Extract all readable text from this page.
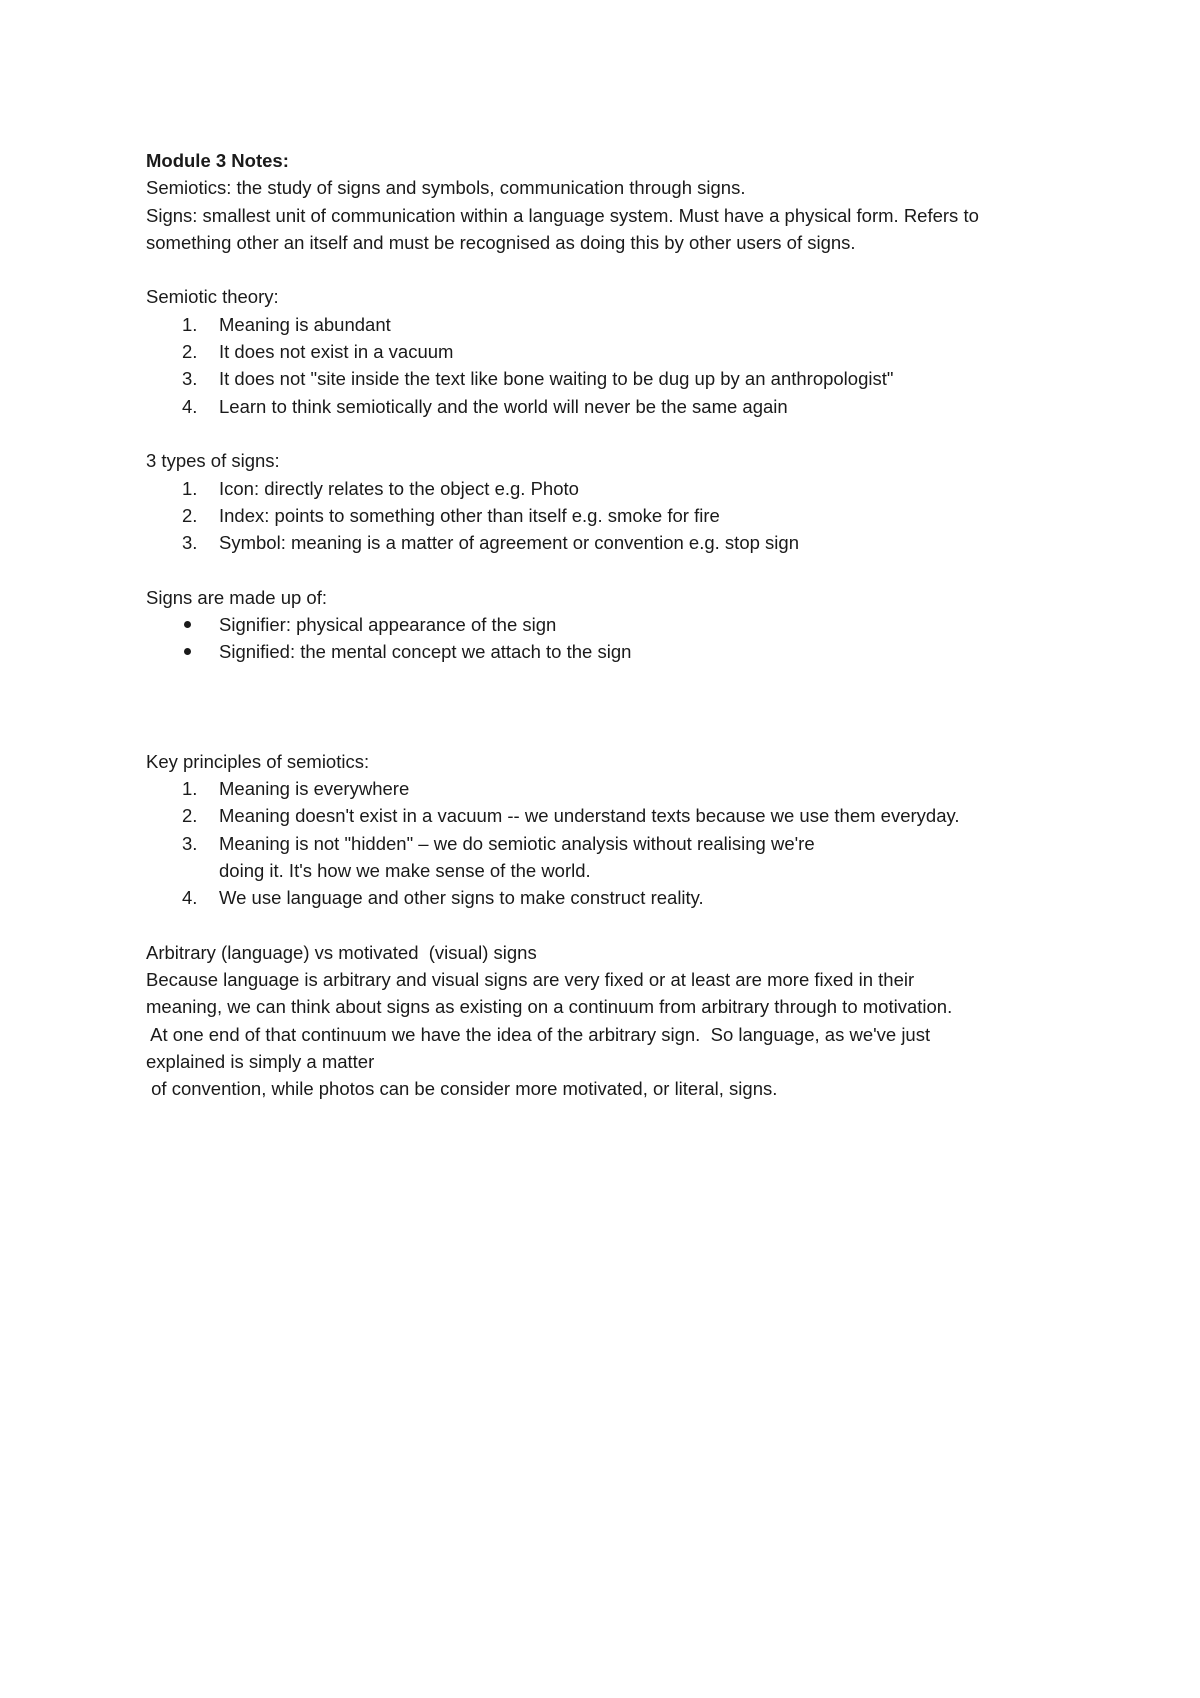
Module 3 Notes:

Semiotics: the study of signs and symbols, communication through signs.

Signs: smallest unit of communication within a language system. Must have a physical form. Refers to

something other an itself and must be recognised as doing this by other users of signs.

Semiotic theory:

1.	Meaning is abundant
2.	It does not exist in a vacuum
3.	It does not "site inside the text like bone waiting to be dug up by an anthropologist"
4.	Learn to think semiotically and the world will never be the same again

3 types of signs:

1.	Icon: directly relates to the object e.g. Photo
2.	Index: points to something other than itself e.g. smoke for fire
3.	Symbol: meaning is a matter of agreement or convention e.g. stop sign

Signs are made up of:

Signifier: physical appearance of the sign
Signified: the mental concept we attach to the sign

Key principles of semiotics:

1.	Meaning is everywhere
2.	Meaning doesn't exist in a vacuum -- we understand texts because we use them everyday.
3.	Meaning is not "hidden" – we do semiotic analysis without realising we're doing it. It's how we make sense of the world.
4.	We use language and other signs to make construct reality.

Arbitrary (language) vs motivated  (visual) signs

Because language is arbitrary and visual signs are very fixed or at least are more fixed in their

meaning, we can think about signs as existing on a continuum from arbitrary through to motivation.

At one end of that continuum we have the idea of the arbitrary sign.  So language, as we've just

explained is simply a matter

of convention, while photos can be consider more motivated, or literal, signs.
